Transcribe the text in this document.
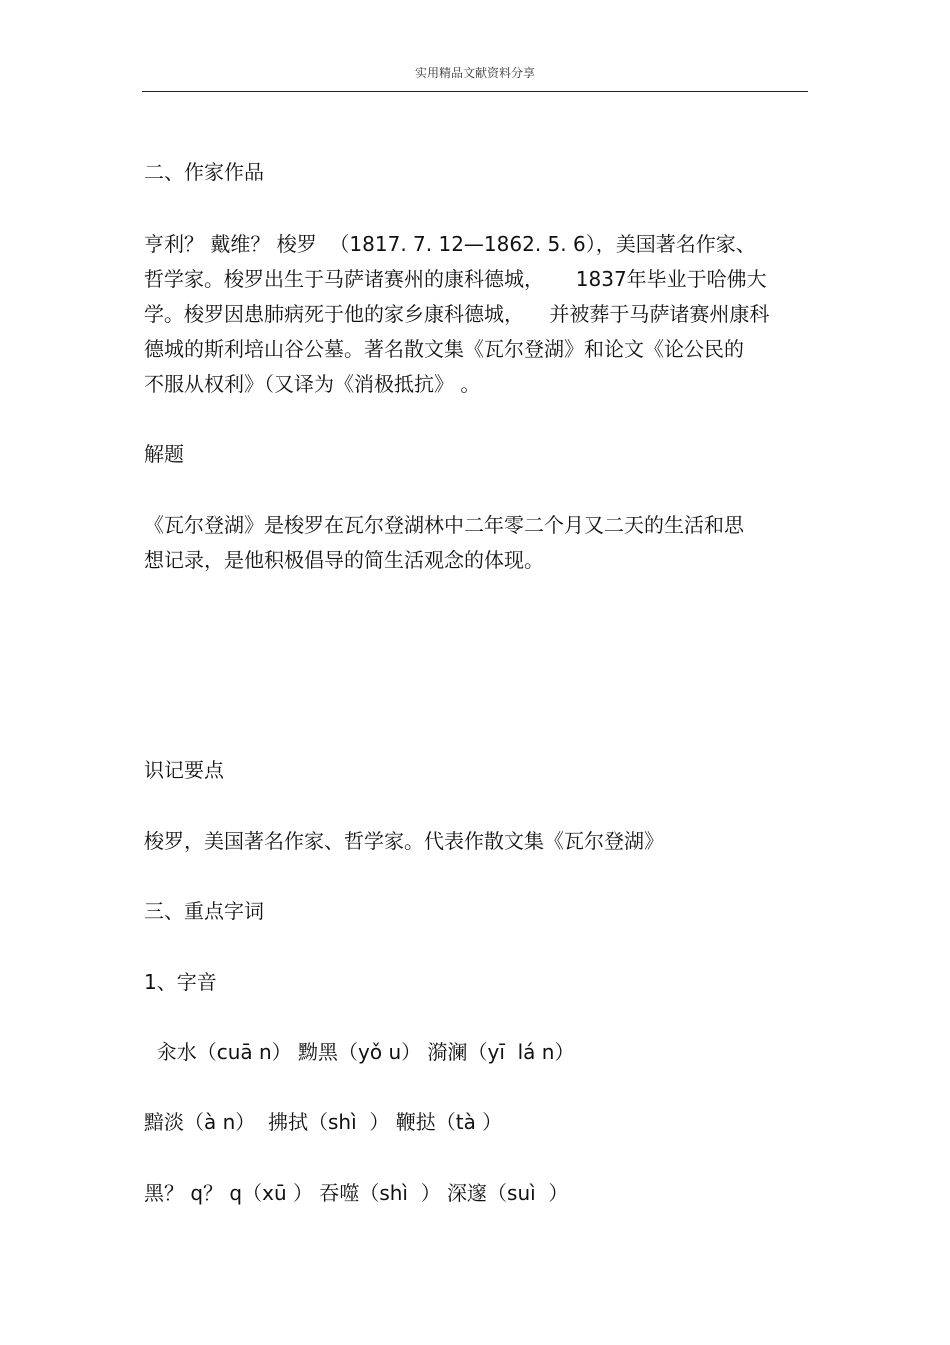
实用精品文献资料分享
二、作家作品
亨利？ 戴维？ 梭罗  （1817. 7. 12—1862. 5. 6），美国著名作家、
哲学家。梭罗出生于马萨诸赛州的康科德城，     1837年毕业于哈佛大
学。梭罗因患肺病死于他的家乡康科德城，    并被葬于马萨诸赛州康科
德城的斯利培山谷公墓。著名散文集《瓦尔登湖》和论文《论公民的
不服从权利》（又译为《消极抵抗》 。
解题
《瓦尔登湖》是梭罗在瓦尔登湖林中二年零二个月又二天的生活和思
想记录，是他积极倡导的简生活观念的体现。
识记要点
梭罗，美国著名作家、哲学家。代表作散文集《瓦尔登湖》
三、重点字词
1、字音
汆水（cuā n） 黝黑（yǒ u） 漪澜（yī  lá n）
黯淡（à n）  拂拭（shì  ） 鞭挞（tà ）
黑？ q？ q（xū ） 吞噬（shì  ） 深邃（suì  ）
